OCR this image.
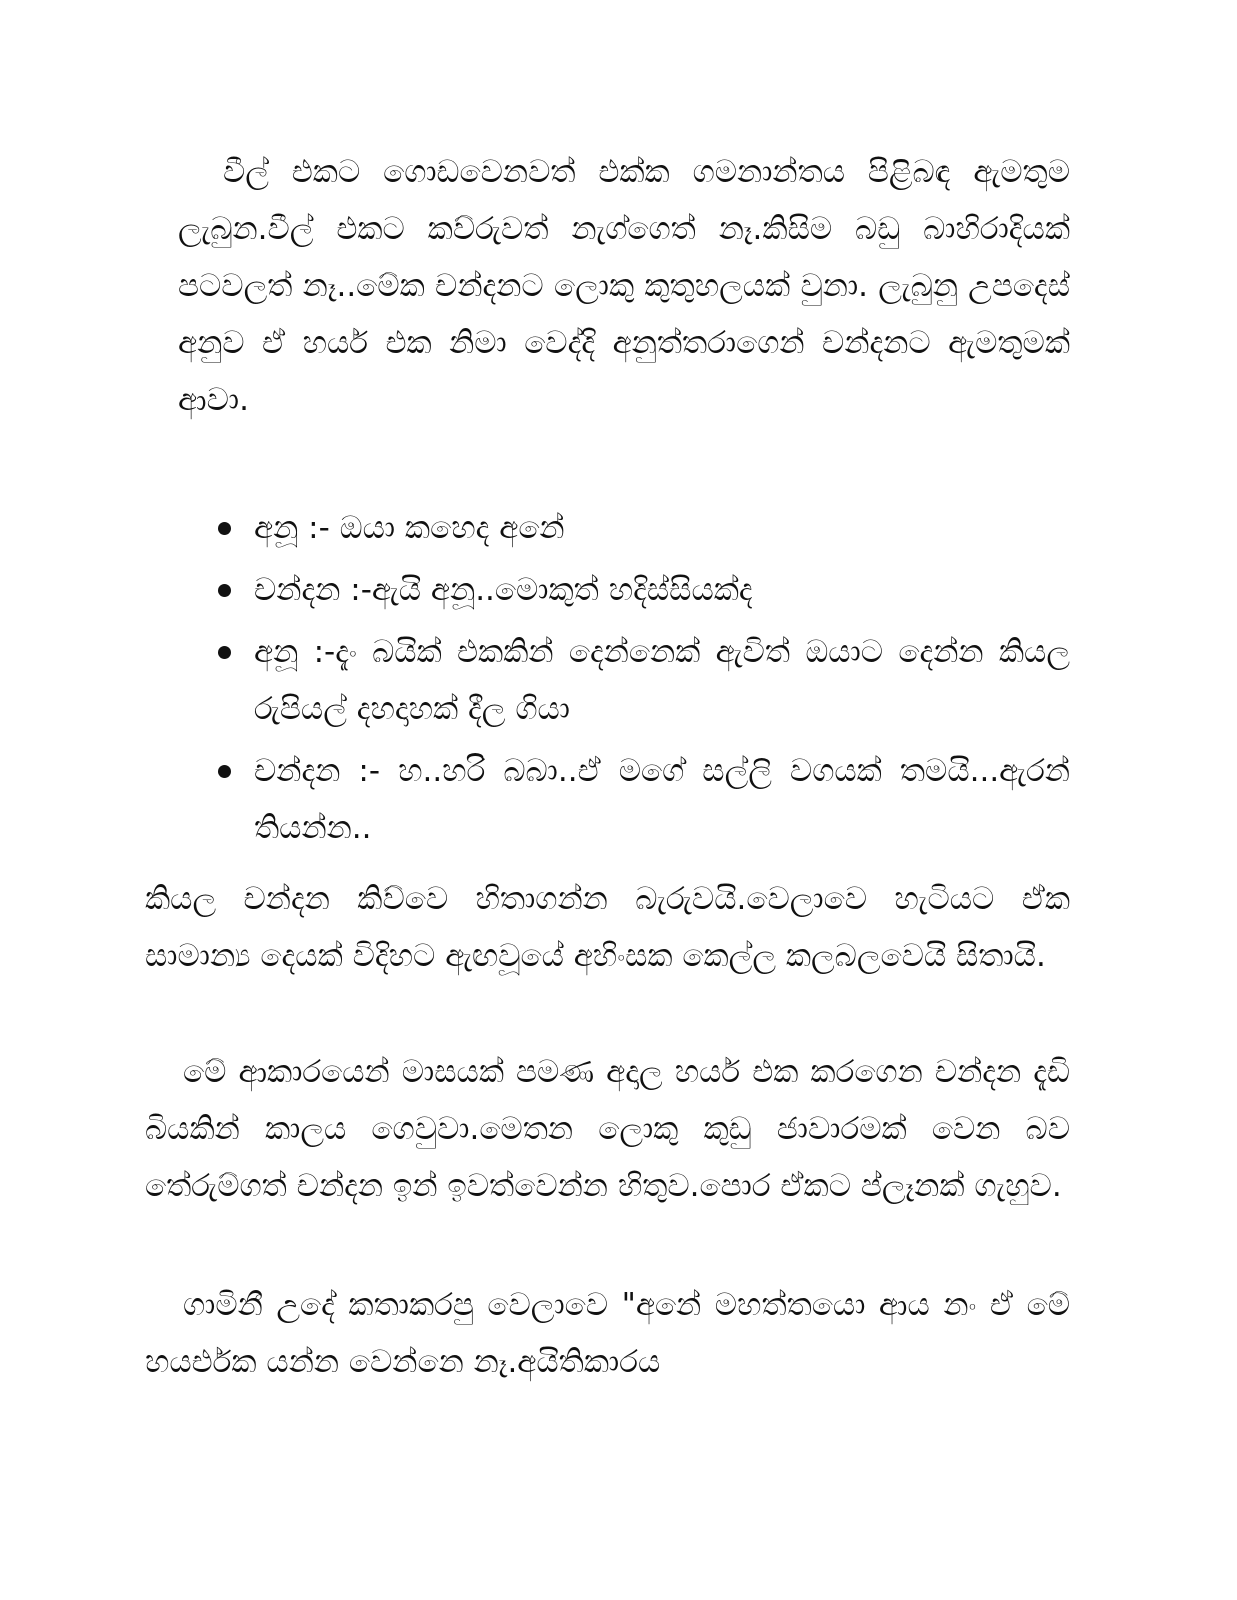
වීල් එකට ගොඩවෙනවත් එක්ක ගමනාන්තය පිළිබඳ ඇමතුම ලැබුන.වීල් එකට කව්රුවත් නැග්ගෙත් නෑ.කිසිම බඩු බාහිරාදියක් පටවලත් නෑ..මේක චන්දනට ලොකු කුතුහලයක් වුනා. ලැබුනු උපදෙස් අනුව ඒ හයර් එක නිමා වෙද්දි අනුත්තරාගෙන් චන්දනට ඇමතුමක් ආවා.

අනූ :- ඔයා කහෙද අනේ
චන්දන :-ඇයි අනූ..මොකුත් හදිස්සියක්ද
අනූ :-දැං බයික් එකකින් දෙන්නෙක් ඇවිත් ඔයාට දෙන්න කියල රුපියල් දහදාහක් දීල ගියා
චන්දන :- හ..හරි බබා..ඒ මගේ සල්ලි වගයක් තමයි...ඇරන් තියන්න..

කියල චන්දන කිව්වෙ හිතාගන්න බැරුවයි.වෙලාවෙ හැටියට ඒක සාමාන්‍ය දෙයක් විදිහට ඇඟවූයේ අහිංසක කෙල්ල කලබලවෙයි සිතායි.

මේ ආකාරයෙන් මාසයක් පමණ අදාල හයර් එක කරගෙන චන්දන දැඩි බියකින් කාලය ගෙවුවා.මෙතන ලොකු කුඩු ජාවාරමක් වෙන බව තේරුම්ගත් චන්දන ඉන් ඉවත්වෙන්න හිතුව.පොර ඒකට ප්ලෑනක් ගැහුව.

ගාමිනී උදේ කතාකරපු වෙලාවෙ "අනේ මහත්තයො ආය නං ඒ මේ හයර්එක යන්න වෙන්නෙ නෑ.අයිතිකාරය
